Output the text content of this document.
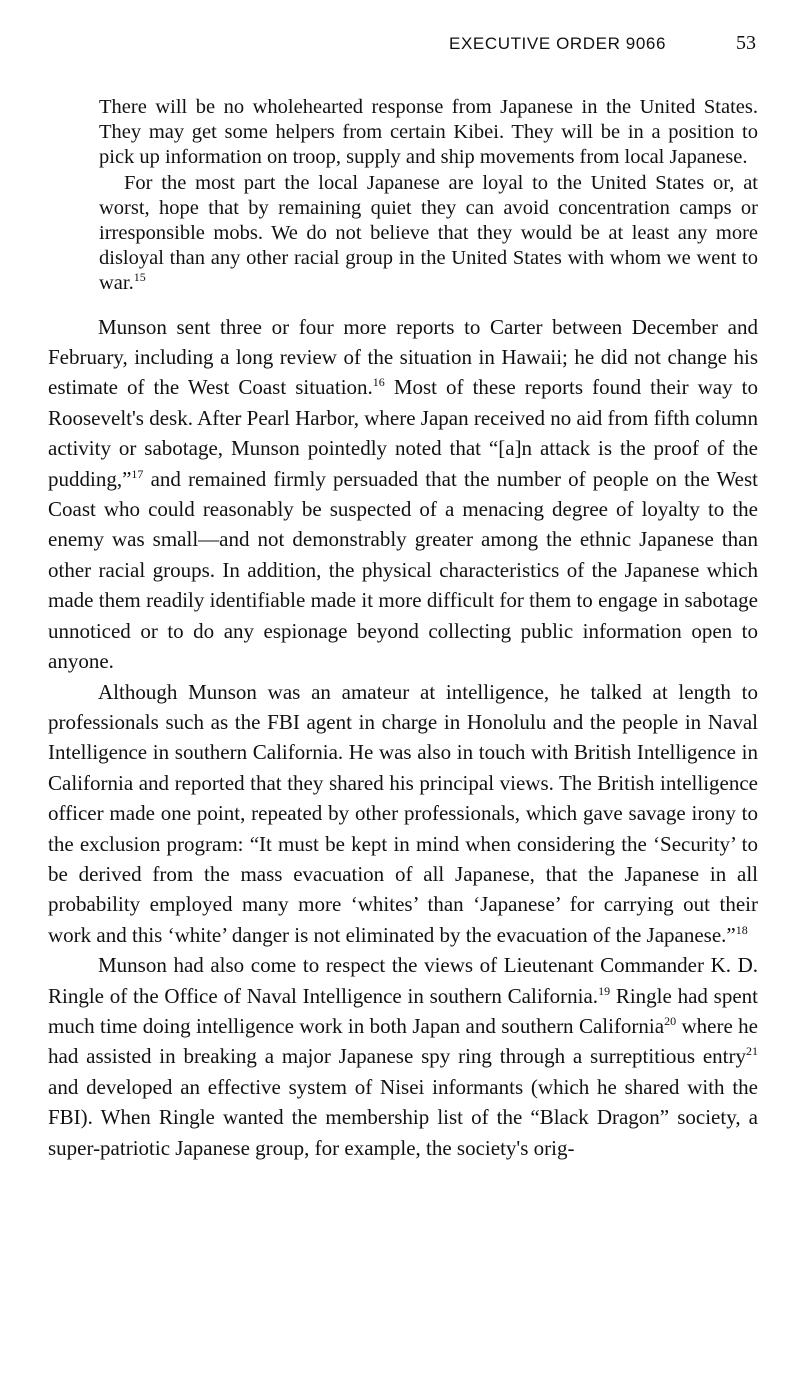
EXECUTIVE ORDER 9066	53

There will be no wholehearted response from Japanese in the United States. They may get some helpers from certain Kibei. They will be in a position to pick up information on troop, supply and ship movements from local Japanese.

For the most part the local Japanese are loyal to the United States or, at worst, hope that by remaining quiet they can avoid concentration camps or irresponsible mobs. We do not believe that they would be at least any more disloyal than any other racial group in the United States with whom we went to war.$^{15}$

Munson sent three or four more reports to Carter between December and February, including a long review of the situation in Hawaii; he did not change his estimate of the West Coast situation.$^{16}$ Most of these reports found their way to Roosevelt's desk. After Pearl Harbor, where Japan received no aid from fifth column activity or sabotage, Munson pointedly noted that “[a]n attack is the proof of the pudding,”$^{17}$ and remained firmly persuaded that the number of people on the West Coast who could reasonably be suspected of a menacing degree of loyalty to the enemy was small—and not demonstrably greater among the ethnic Japanese than other racial groups. In addition, the physical characteristics of the Japanese which made them readily identifiable made it more difficult for them to engage in sabotage unnoticed or to do any espionage beyond collecting public information open to anyone.

Although Munson was an amateur at intelligence, he talked at length to professionals such as the FBI agent in charge in Honolulu and the people in Naval Intelligence in southern California. He was also in touch with British Intelligence in California and reported that they shared his principal views. The British intelligence officer made one point, repeated by other professionals, which gave savage irony to the exclusion program: “It must be kept in mind when considering the ‘Security’ to be derived from the mass evacuation of all Japanese, that the Japanese in all probability employed many more ‘whites’ than ‘Japanese’ for carrying out their work and this ‘white’ danger is not eliminated by the evacuation of the Japanese.”$^{18}$

Munson had also come to respect the views of Lieutenant Commander K. D. Ringle of the Office of Naval Intelligence in southern California.$^{19}$ Ringle had spent much time doing intelligence work in both Japan and southern California$^{20}$ where he had assisted in breaking a major Japanese spy ring through a surreptitious entry$^{21}$ and developed an effective system of Nisei informants (which he shared with the FBI). When Ringle wanted the membership list of the “Black Dragon” society, a super-patriotic Japanese group, for example, the society's orig-
